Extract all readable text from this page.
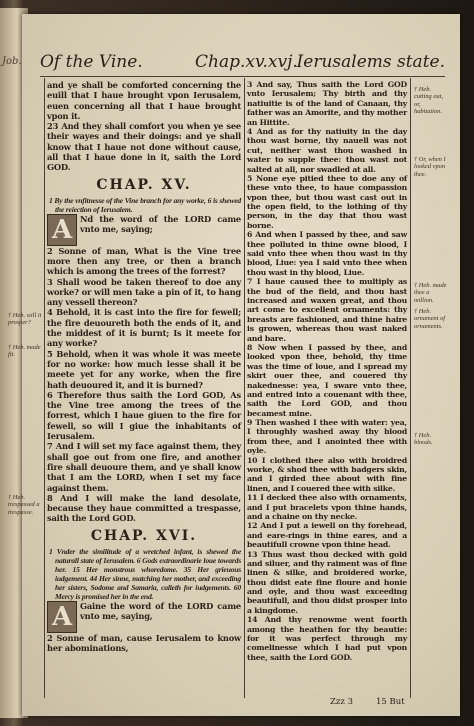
Job. Of the Vine.	Chap.xv.xvj.
Ierusalems state.

and ye shall be comforted concerning the euill that I haue brought vpon Ierusalem, euen concerning all that I haue brought vpon it.

23 And they shall comfort you when ye see their wayes and their doings: and ye shall know that I haue not done without cause, all that I haue done in it, saith the Lord GOD.

CHAP. XV.

1 By the vnfitnesse of the Vine branch for any worke, 6 is shewed the reiection of Ierusalem.

A Nd the word of the LORD came vnto me, saying;

2 Sonne of man, What is the Vine tree more then any tree, or then a branch which is among the trees of the forrest?

3 Shall wood be taken thereof to doe any worke? or will men take a pin of it, to hang any vessell thereon?

4 Behold, it is cast into the fire for fewell; the fire deuoureth both the ends of it, and the middest of it is burnt; Is it meete for any worke?

5 Behold, when it was whole it was meete for no worke: how much lesse shall it be meete yet for any worke, when the fire hath deuoured it, and it is burned?

6 Therefore thus saith the Lord GOD, As the Vine tree among the trees of the forrest, which I haue giuen to the fire for fewell, so will I giue the inhabitants of Ierusalem.

7 And I will set my face against them, they shall goe out from one fire, and another fire shall deuoure them, and ye shall know that I am the LORD, when I set my face against them.

8 And I will make the land desolate, because they haue committed a trespasse, saith the Lord GOD.

CHAP. XVI.

1 Vnder the similitude of a wretched infant, is shewed the naturall state of Ierusalem. 6 Gods extraordinarie loue towards her. 15 Her monstrous whoredome. 35 Her grieuous iudgement. 44 Her sinne, matching her mother, and exceeding her sisters, Sodome and Samaria, calleth for iudgements. 60 Mercy is promised her in the end.

A Gaine the word of the LORD came vnto me, saying,

2 Sonne of man, cause Ierusalem to know her abominations,

3 And say, Thus saith the Lord GOD vnto Ierusalem; Thy birth and thy natiuitie is of the land of Canaan, thy father was an Amorite, and thy mother an Hittite.

4 And as for thy natiuity in the day thou wast borne, thy nauell was not cut, neither wast thou washed in water to supple thee: thou wast not salted at all, nor swadled at all.

5 None eye pitied thee to doe any of these vnto thee, to haue compassion vpon thee, but thou wast cast out in the open field, to the lothing of thy person, in the day that thou wast borne.

6 And when I passed by thee, and saw thee polluted in thine owne blood, I said vnto thee when thou wast in thy blood, Liue: yea I said vnto thee when thou wast in thy blood, Liue.

7 I haue caused thee to multiply as the bud of the field, and thou hast increased and waxen great, and thou art come to excellent ornaments: thy breasts are fashioned, and thine haire is growen, whereas thou wast naked and bare.

8 Now when I passed by thee, and looked vpon thee, behold, thy time was the time of loue, and I spread my skirt ouer thee, and couered thy nakednesse: yea, I sware vnto thee, and entred into a couenant with thee, saith the Lord GOD, and thou becamest mine.

9 Then washed I thee with water: yea, I throughly washed away thy blood from thee, and I anointed thee with oyle.

10 I clothed thee also with broidred worke, & shod thee with badgers skin, and I girded thee about with fine linen, and I couered thee with silke.

11 I decked thee also with ornaments, and I put bracelets vpon thine hands, and a chaine on thy necke.

12 And I put a iewell on thy forehead, and eare-rings in thine eares, and a beautifull crowne vpon thine head.

13 Thus wast thou decked with gold and siluer, and thy raiment was of fine linen & silke, and broidered worke, thou didst eate fine floure and honie and oyle, and thou wast exceeding beautifull, and thou didst prosper into a kingdome.

14 And thy renowme went foorth among the heathen for thy beautie: for it was perfect through my comelinesse which I had put vpon thee, saith the Lord GOD.

† Heb. will it prosper?
† Heb. made fit.
† Heb. trespassed a trespasse.
† Heb. cutting out, or, habitation.
† Or, when I looked vpon thee.
† Heb. made thee a million.
† Heb. ornament of ornaments.
† Heb. bloods.
Zzz 3	15 But
